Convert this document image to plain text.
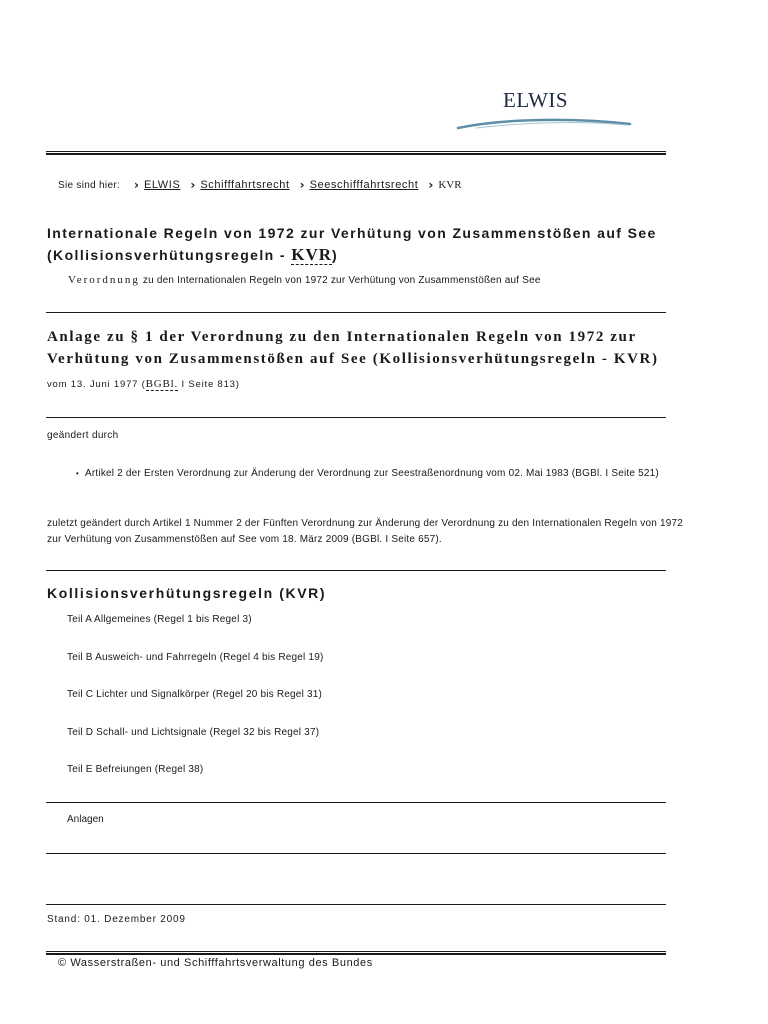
ELWIS
Sie sind hier: › ELWIS › Schifffahrtsrecht › Seeschifffahrtsrecht › KVR
Internationale Regeln von 1972 zur Verhütung von Zusammenstößen auf See
(Kollisionsverhütungsregeln - KVR)
Verordnung zu den Internationalen Regeln von 1972 zur Verhütung von Zusammenstößen auf See
Anlage zu § 1 der Verordnung zu den Internationalen Regeln von 1972 zur
Verhütung von Zusammenstößen auf See (Kollisionsverhütungsregeln - KVR)
vom 13. Juni 1977 (BGBl. I Seite 813)
geändert durch
• Artikel 2 der Ersten Verordnung zur Änderung der Verordnung zur Seestraßenordnung vom 02. Mai 1983 (BGBl. I Seite 521)
zuletzt geändert durch Artikel 1 Nummer 2 der Fünften Verordnung zur Änderung der Verordnung zu den Internationalen Regeln von 1972 zur Verhütung von Zusammenstößen auf See vom 18. März 2009 (BGBl. I Seite 657).
Kollisionsverhütungsregeln (KVR)
Teil A Allgemeines (Regel 1 bis Regel 3)
Teil B Ausweich- und Fahrregeln (Regel 4 bis Regel 19)
Teil C Lichter und Signalkörper (Regel 20 bis Regel 31)
Teil D Schall- und Lichtsignale (Regel 32 bis Regel 37)
Teil E Befreiungen (Regel 38)
Anlagen
Stand: 01. Dezember 2009
© Wasserstraßen- und Schifffahrtsverwaltung des Bundes
